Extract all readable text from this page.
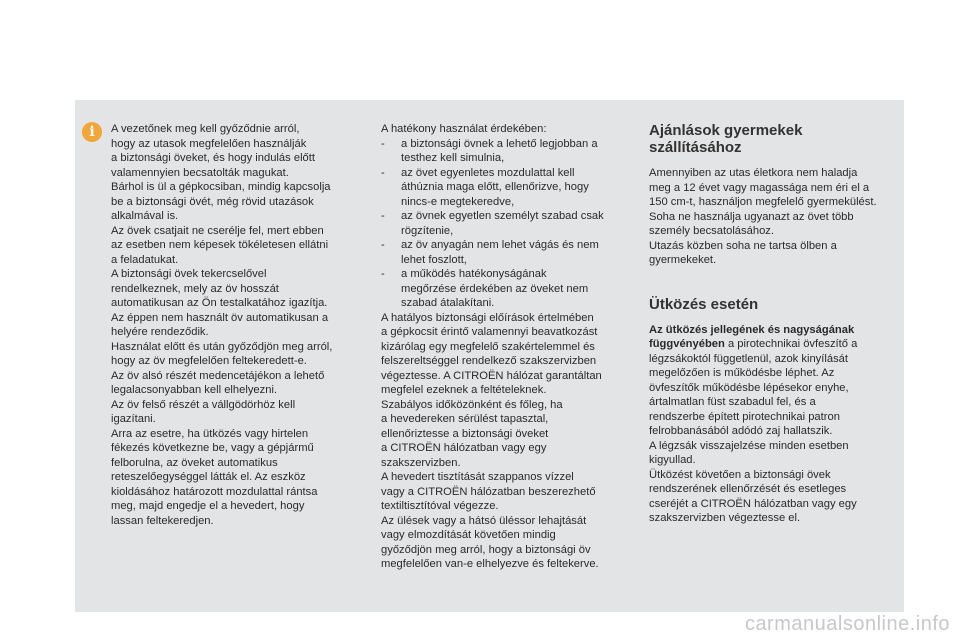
i	A vezetőnek meg kell győződnie arról,

hogy az utasok megfelelően használják

a biztonsági öveket, és hogy indulás előtt

valamennyien becsatolták magukat.

Bárhol is ül a gépkocsiban, mindig kapcsolja

be a biztonsági övét, még rövid utazások

alkalmával is.

Az övek csatjait ne cserélje fel, mert ebben

az esetben nem képesek tökéletesen ellátni

a feladatukat.

A biztonsági övek tekercselővel

rendelkeznek, mely az öv hosszát

automatikusan az Ön testalkatához igazítja.

Az éppen nem használt öv automatikusan a

helyére rendeződik.

Használat előtt és után győződjön meg arról,

hogy az öv megfelelően feltekeredett-e.

Az öv alsó részét medencetájékon a lehető

legalacsonyabban kell elhelyezni.

Az öv felső részét a vállgödörhöz kell

igazítani.

Arra az esetre, ha ütközés vagy hirtelen

fékezés következne be, vagy a gépjármű

felborulna, az öveket automatikus

reteszelőegységgel látták el. Az eszköz

kioldásához határozott mozdulattal rántsa

meg, majd engedje el a hevedert, hogy

lassan feltekeredjen.

A hatékony használat érdekében:

- a biztonsági övnek a lehető legjobban a
testhez kell simulnia,
- az övet egyenletes mozdulattal kell
áthúznia maga előtt, ellenőrizve, hogy
nincs-e megtekeredve,
- az övnek egyetlen személyt szabad csak
rögzítenie,
- az öv anyagán nem lehet vágás és nem
lehet foszlott,
- a működés hatékonyságának
megőrzése érdekében az öveket nem
szabad átalakítani.

A hatályos biztonsági előírások értelmében

a gépkocsit érintő valamennyi beavatkozást

kizárólag egy megfelelő szakértelemmel és

felszereltséggel rendelkező szakszervizben

végeztesse. A CITROËN hálózat garantáltan

megfelel ezeknek a feltételeknek.

Szabályos időközönként és főleg, ha

a hevedereken sérülést tapasztal,

ellenőriztesse a biztonsági öveket

a CITROËN hálózatban vagy egy

szakszervizben.

A hevedert tisztítását szappanos vízzel

vagy a CITROËN hálózatban beszerezhető

textiltisztítóval végezze.

Az ülések vagy a hátsó üléssor lehajtását

vagy elmozdítását követően mindig

győződjön meg arról, hogy a biztonsági öv

megfelelően van-e elhelyezve és feltekerve.

Ajánlások gyermekek
szállításához

Amennyiben az utas életkora nem haladja

meg a 12 évet vagy magassága nem éri el a

150 cm-t, használjon megfelelő gyermekülést.

Soha ne használja ugyanazt az övet több

személy becsatolásához.

Utazás közben soha ne tartsa ölben a

gyermekeket.

Ütközés esetén

Az ütközés jellegének és nagyságának

függvényében a pirotechnikai övfeszítő a

légzsákoktól függetlenül, azok kinyílását

megelőzően is működésbe léphet. Az

övfeszítők működésbe lépésekor enyhe,

ártalmatlan füst szabadul fel, és a

rendszerbe épített pirotechnikai patron

felrobbanásából adódó zaj hallatszik.

A légzsák visszajelzése minden esetben

kigyullad.

Ütközést követően a biztonsági övek

rendszerének ellenőrzését és esetleges

cseréjét a CITROËN hálózatban vagy egy

szakszervizben végeztesse el.

carmanualsonline.info
